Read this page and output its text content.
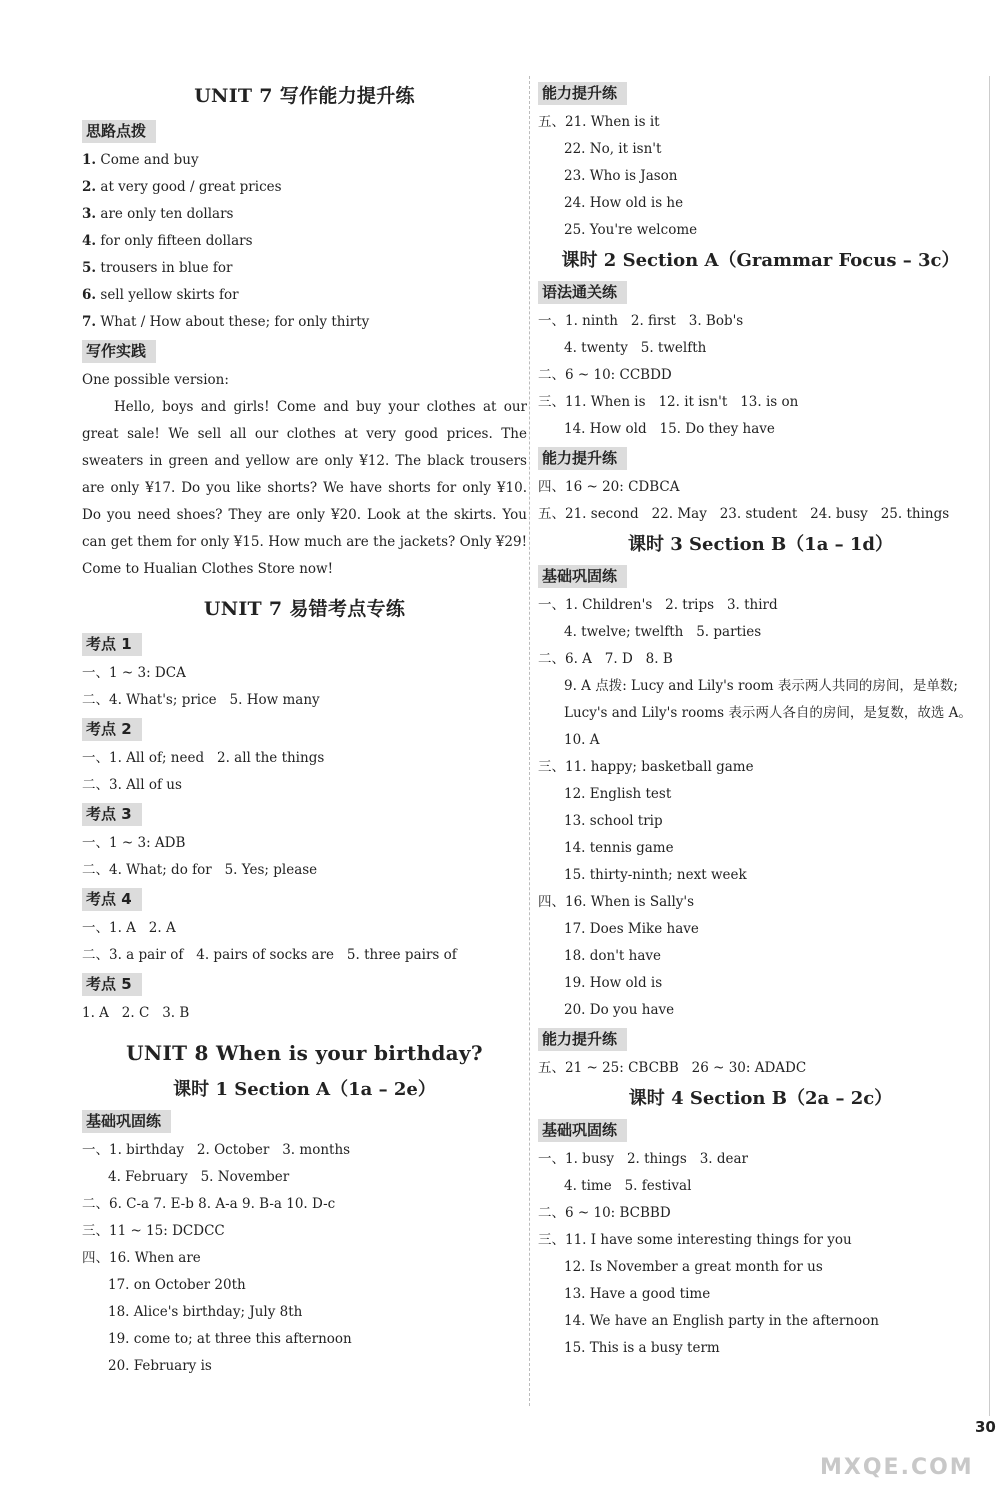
UNIT 7 写作能力提升练
思路点拨
1. Come and buy
2. at very good / great prices
3. are only ten dollars
4. for only fifteen dollars
5. trousers in blue for
6. sell yellow skirts for
7. What / How about these; for only thirty
写作实践
One possible version:
Hello, boys and girls! Come and buy your clothes at our great sale! We sell all our clothes at very good prices. The sweaters in green and yellow are only ¥12. The black trousers are only ¥17. Do you like shorts? We have shorts for only ¥10. Do you need shoes? They are only ¥20. Look at the skirts. You can get them for only ¥15. How much are the jackets? Only ¥29! Come to Hualian Clothes Store now!
UNIT 7 易错考点专练
考点 1
一、1 ~ 3: DCA
二、4. What's; price 5. How many
考点 2
一、1. All of; need 2. all the things
二、3. All of us
考点 3
一、1 ~ 3: ADB
二、4. What; do for 5. Yes; please
考点 4
一、1. A 2. A
二、3. a pair of 4. pairs of socks are 5. three pairs of
考点 5
1. A 2. C 3. B
UNIT 8 When is your birthday?
课时 1 Section A（1a – 2e）
基础巩固练
一、1. birthday 2. October 3. months
4. February 5. November
二、6. C-a 7. E-b 8. A-a 9. B-a 10. D-c
三、11 ~ 15: DCDCC
四、16. When are
17. on October 20th
18. Alice's birthday; July 8th
19. come to; at three this afternoon
20. February is
能力提升练
五、21. When is it
22. No, it isn't
23. Who is Jason
24. How old is he
25. You're welcome
课时 2 Section A（Grammar Focus – 3c）
语法通关练
一、1. ninth 2. first 3. Bob's
4. twenty 5. twelfth
二、6 ~ 10: CCBDD
三、11. When is 12. it isn't 13. is on
14. How old 15. Do they have
能力提升练
四、16 ~ 20: CDBCA
五、21. second 22. May 23. student 24. busy 25. things
课时 3 Section B（1a – 1d）
基础巩固练
一、1. Children's 2. trips 3. third
4. twelve; twelfth 5. parties
二、6. A 7. D 8. B
9. A 点拨: Lucy and Lily's room 表示两人共同的房间，是单数; Lucy's and Lily's rooms 表示两人各自的房间，是复数，故选 A。
10. A
三、11. happy; basketball game
12. English test
13. school trip
14. tennis game
15. thirty-ninth; next week
四、16. When is Sally's
17. Does Mike have
18. don't have
19. How old is
20. Do you have
能力提升练
五、21 ~ 25: CBCBB 26 ~ 30: ADADC
课时 4 Section B（2a – 2c）
基础巩固练
一、1. busy 2. things 3. dear
4. time 5. festival
二、6 ~ 10: BCBBD
三、11. I have some interesting things for you
12. Is November a great month for us
13. Have a good time
14. We have an English party in the afternoon
15. This is a busy term
30
MXQE.COM
